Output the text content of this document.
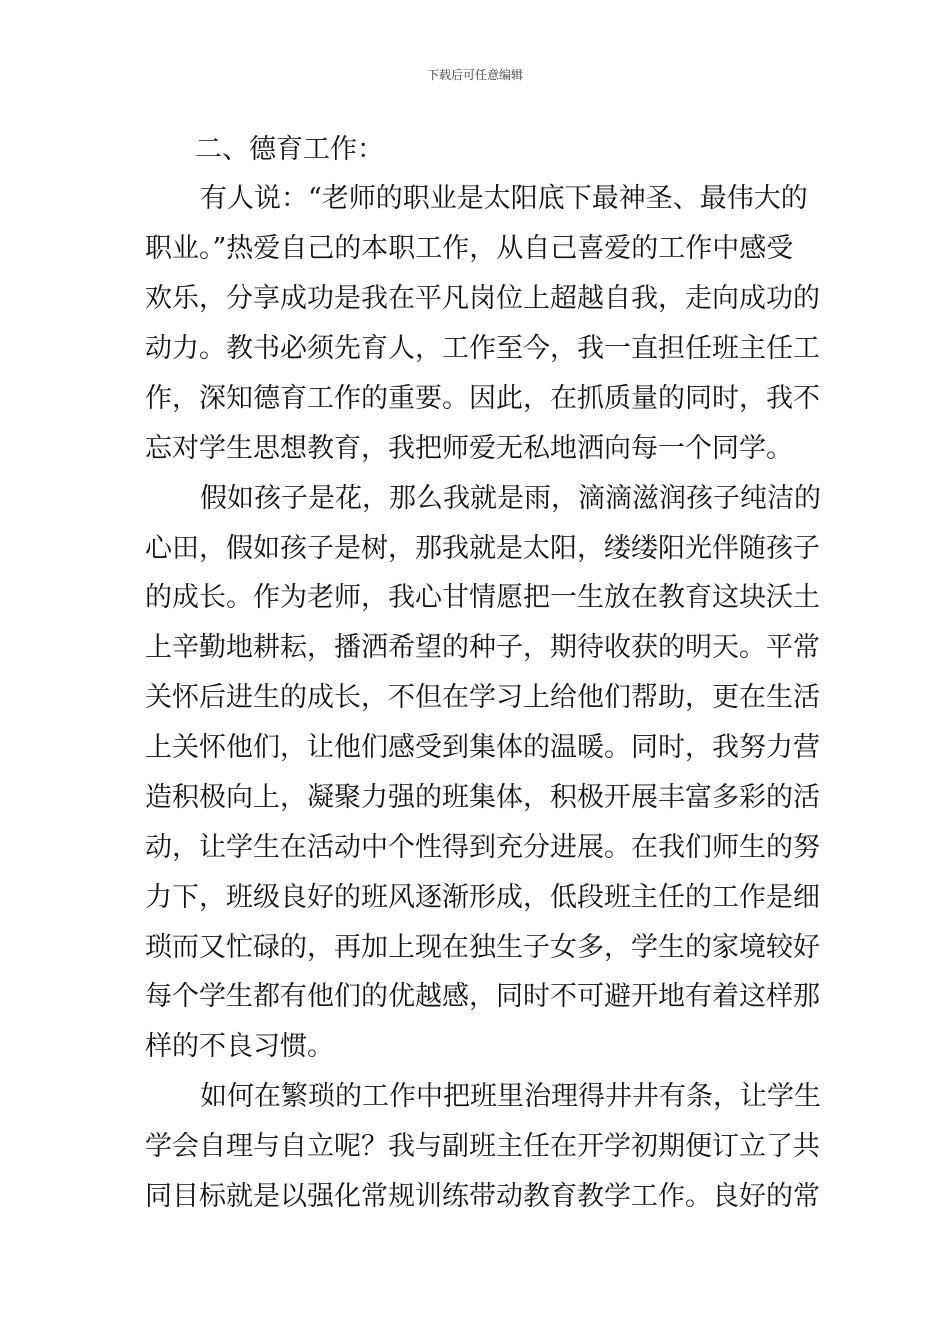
下载后可任意编辑
二、德育工作：
有人说：“老师的职业是太阳底下最神圣、最伟大的
职业。”热爱自己的本职工作，从自己喜爱的工作中感受
欢乐，分享成功是我在平凡岗位上超越自我，走向成功的
动力。教书必须先育人，工作至今，我一直担任班主任工
作，深知德育工作的重要。因此，在抓质量的同时，我不
忘对学生思想教育，我把师爱无私地洒向每一个同学。
假如孩子是花，那么我就是雨，滴滴滋润孩子纯洁的
心田，假如孩子是树，那我就是太阳，缕缕阳光伴随孩子
的成长。作为老师，我心甘情愿把一生放在教育这块沃土
上辛勤地耕耘，播洒希望的种子，期待收获的明天。平常
关怀后进生的成长，不但在学习上给他们帮助，更在生活
上关怀他们，让他们感受到集体的温暖。同时，我努力营
造积极向上，凝聚力强的班集体，积极开展丰富多彩的活
动，让学生在活动中个性得到充分进展。在我们师生的努
力下，班级良好的班风逐渐形成，低段班主任的工作是细
琐而又忙碌的，再加上现在独生子女多，学生的家境较好
每个学生都有他们的优越感，同时不可避开地有着这样那
样的不良习惯。
如何在繁琐的工作中把班里治理得井井有条，让学生
学会自理与自立呢？我与副班主任在开学初期便订立了共
同目标就是以强化常规训练带动教育教学工作。良好的常
